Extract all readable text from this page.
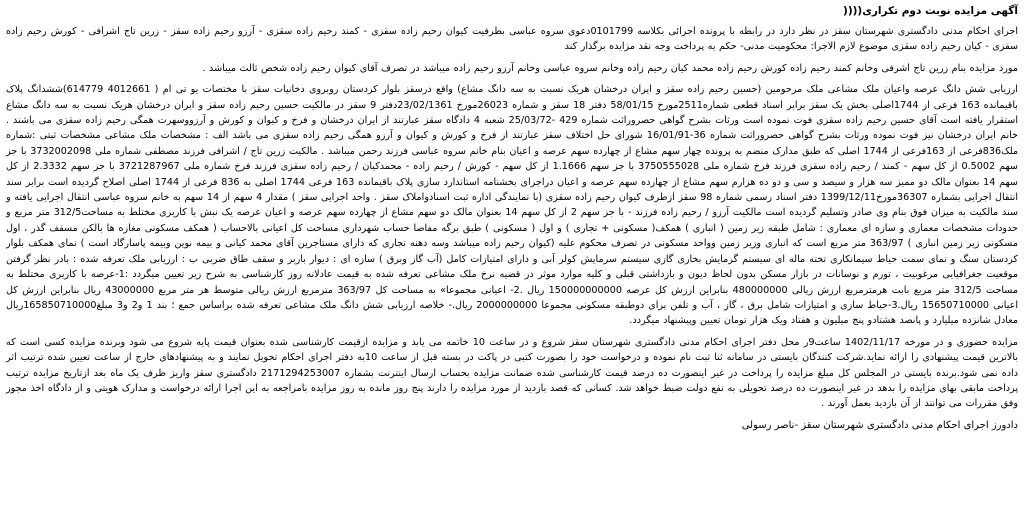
آگهی مزایده نوبت دوم تکراری((((

اجرای احکام مدنی دادگستری شهرستان سقز در نظر دارد در رابطه با پرونده اجرائی بکلاسه 0101799دعوی سروه عباسی بطرفیت کیوان رحیم زاده سقزی - کمند رحیم زاده سقزی - آرزو رحیم زاده سقز - زرین تاج اشرافی - کورش رحیم زاده سقزی - کیان رحیم زاده سقزی موضوع لازم الاجرا: محکومیت مدنی- حکم به پرداخت وجه نقد مزایده برگذار کند

مورد مزایده بنام زرین تاج اشرفی وخانم کمند رحیم زاده کورش رحیم زاده محمد کیان رحیم زاده وخانم سروه عباسی وخانم آرزو رحیم زاده میباشد در تصرف آقای کیوان رحیم زاده شخص ثالث میباشد .

ارزیابی شش دانگ عرصه واعیان ملک مشاعی ملک مرحومین (حسین رحیم زاده سقز و ایران درخشان هریک نسبت به سه دانگ مشاع) واقع درسقز بلوار کردستان روبروی دخانیات سقز با مختصات یو تی ام ( 4012661 614779)ششدانگ پلاک باقیمانده 163 فرعی از 1744اصلی بخش یک سقز برابر اسناد قطعی شماره2511مورخ 58/01/15 دفتر 18 سقز و شماره 26023مورخ 23/02/1361دفتر 9 سقز در مالکیت حسین رحیم زاده سقز و ایران درخشان هریک نسبت به سه دانگ مشاع استقرار یافته است آقای حسین رحیم زاده سقزی فوت نموده است ورثات بشرح گواهی حصروراثت شماره 429 -25/03/72 شعبه 4 دادگاه سقز عبارتند از ایران درخشان و فرخ و کیوان و کورش و آرزووسهرت همگی رحیم زاده سقزی می باشند . خانم ایران درخشان نیز فوت نموده ورثات بشرح گواهی حصروراثت شماره 36-16/01/91 شورای حل اختلاف سقز عبارتند از فرخ و کورش و کیوان و آرزو همگی رحیم زاده سقزی می باشد الف : مشخصات ملک مشاعی مشخصات ثبتی :شماره ملک836فرعی از 163فرعی از 1744 اصلی که طبق مدارک منضم به پرونده چهار سهم مشاع از چهارده سهم عرصه و اعیان بنام خانم سروه عباسی فرزند رحمن میباشد . مالکیت زرین تاج / اشرافی فرزند مصطفی شماره ملی 3732002098 با جز سهم 0.5002 از کل سهم - کمند / رحیم زاده سقزی فرزند فرخ شماره ملی 3750555028 با جز سهم 1.1666 از کل سهم - کورش / رحیم زاده - محمدکیان / رحیم زاده سقزی فرزند فرخ شماره ملی 3721287967 با جز سهم 2.3332 از کل سهم 14 بعنوان مالک دو ممیز سه هزار و سیصد و سی و دو ده هزارم سهم مشاع از چهارده سهم عرصه و اعیان دراجرای بخشنامه استاندارد سازی پلاک باقیمانده 163 فرعی 1744 اصلی به 836 فرعی از 1744 اصلی اصلاح گردیده است برابر سند انتقال اجرایی بشماره 36307مورخ1399/12/11 دفتر اسناد رسمی شماره 98 سقز ازطرف کیوان رحیم زاده سقزی (با نمایندگی اداره ثبت اسنادواملاک سقز . واحد اجرایی سقز ) مقدار 4 سهم از 14 سهم به خانم سروه عباسی انتقال اجرایی یافته و سند مالکیت به میزان فوق بنام وی صادر وتسلیم گردیده است مالکیت آرزو / رحیم زاده فرزند - با جز سهم 2 از کل سهم 14 بعنوان مالک دو سهم مشاع از چهارده سهم عرصه و اعیان عرصه یک نبش با کاربری مختلط به مساحت312/5 متر مربع و حدودات مشخصات معماری و سازه ای معماری : شامل طبقه زیر زمین ( انباری ) همکف( مسکونی + تجاری ) و اول ( مسکونی ) طبق برگه مفاصا حساب شهرداری مساحت کل اعیانی بالاحساب ( همکف مسکونی مغازه ها بالکن مسقف گذر ، اول مسکونی زیر زمین انباری ) 363/97 متر مربع است که انباری وزیر زمین وواحد مسکونی در تصرف محکوم علیه (کیوان رحیم زاده میباشد وسه دهنه تجاری که دارای مستاجرین آقای محمد کیانی و بیمه نوین وبیمه پاسارگاد است ) نمای همکف بلوار کردستان سنگ و نمای سمت حیاط سیمانکاری تخته ماله ای سیستم گرمایش بخاری گازی سیستم سرمایش کولر آبی و دارای امتیازات کامل (آب گاز وبرق ) سازه ای : دیوار باربر و سقف طاق ضربی ب : ارزیابی ملک تعرفه شده : بادر نظر گرفتن موقعیت جغرافیایی مرغوبیت ، تورم و نوسانات در بازار مسکن بدون لحاظ دیون و بازداشتی قبلی و کلیه موارد موثر در قضیه نرخ ملک مشاعی تعرفه شده به قیمت عادلانه روز کارشناسی به شرح زیر تعیین میگردد :1-عرصه با کاربری مختلط به مساحت 312/5 متر مربع بابت هرمترمربع ارزش ریالی 480000000 بنابراین ارزش کل عرصه 150000000000 ریال .2- اعیانی مجموعا» به مساحت کل 363/97 مترمربع ارزش ریالی متوسط هر متر مربع 43000000 ریال بنابراین ارزش کل اعیانی 15650710000 ریال.3-حیاط سازی و امتیازات شامل برق ، گاز ، آب و تلفن برای دوطبقه مسکونی مجموعا 2000000000 ریال.- خلاصه ارزیابی شش دانگ ملک مشاعی تعرفه شده براساس جمع ؛ بند 1 و2 و3 مبلغ165850710000ریال معادل شانزده میلیارد و پانصد هشتادو پنج میلیون و هفتاد ویک هزار تومان تعیین وپیشنهاد میگردد.

مزایده حضوری و در مورخه 1402/11/17 ساعت9ر محل دفتر اجرای احکام مدنی دادگستری شهرستان سقز شروع و در ساعت 10 خاتمه می یابد و مزایده ازقیمت کارشناسی شده بعنوان قیمت پایه شروع می شود وبرنده مزایده کسی است که بالاترین قیمت پیشنهادی را ارائه نماید.شرکت کنندگان بایستی در سامانه ثنا ثبت نام نموده و درخواست خود را بصورت کتبی در پاکت در بسته قبل از ساعت 10به دفتر اجرای احکام تحویل نمایند و به پیشنهادهای خارج از ساعت تعیین شده ترتیب اثر داده نمی شود.برنده بایستی در المجلس کل مبلغ مزایده را پرداخت در غیر اینصورت ده درصد قیمت کارشناسی شده ضمانت مزایده بحساب ارسال اینترنت بشماره 2171294253007 دادگستری سقز واریز ظرف یک ماه بعد ازتاریخ مزایده ترتیب پرداخت مابقی بهای مزایده را بدهد در غیر اینصورت ده درصد تحویلی به نفع دولت ضبط خواهد شد. کسانی که قصد بازدید از مورد مزایده را دارند پنج روز مانده به روز مزایده بامراجعه به این اجرا ارائه درخواست و مدارک هویتی و از دادگاه اخذ مجوز وفق مقررات می توانند از آن بازدید بعمل آورند .

دادورز اجرای احکام مدنی دادگستری شهرستان سقز -ناصر رسولی
